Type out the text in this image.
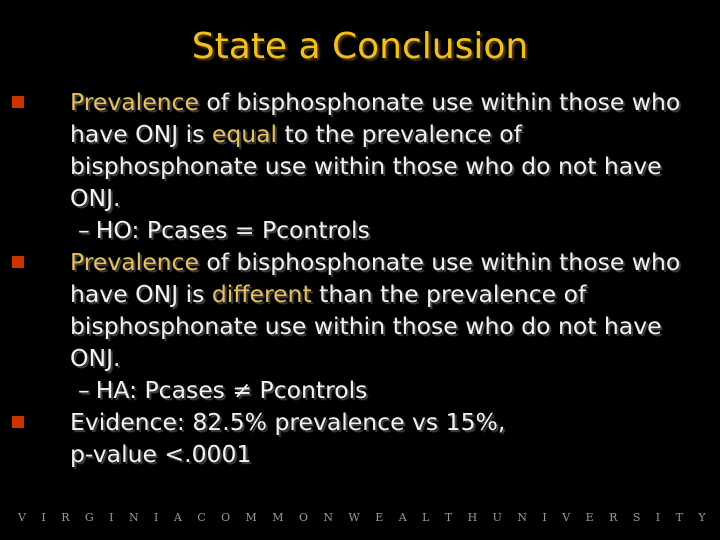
State a Conclusion

Prevalence of bisphosphonate use within those who have ONJ is equal to the prevalence of bisphosphonate use within those who do not have ONJ.

– HO: Pcases = Pcontrols

Prevalence of bisphosphonate use within those who have ONJ is different than the prevalence of bisphosphonate use within those who do not have ONJ.

– HA: Pcases ≠ Pcontrols

Evidence: 82.5% prevalence vs 15%,
p-value <.0001

V I R G I N I A C O M M O N W E A L T H U N I V E R S I T Y
